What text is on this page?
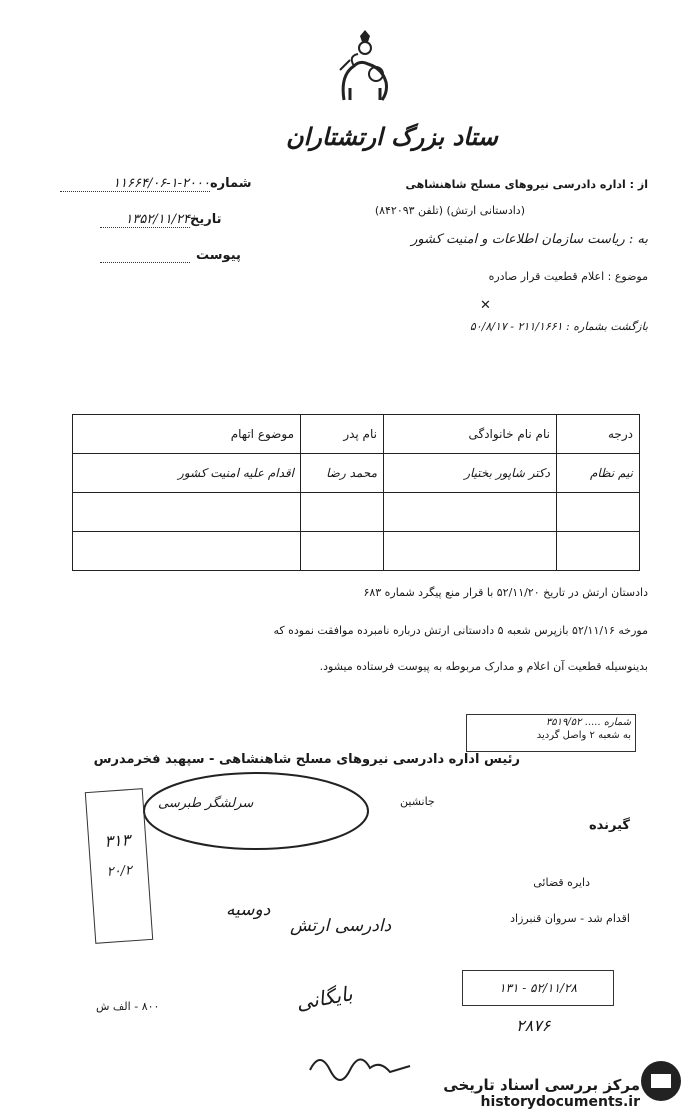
ستاد بزرگ ارتشتاران
شماره
۱۱۶۶۴/۰۶-۱-۲۰۰۰
تاریخ
۱۳۵۲/۱۱/۲۴
پیوست
از : اداره دادرسی نیروهای مسلح شاهنشاهی
(دادستانی ارتش) (تلفن ۸۴۲۰۹۳)
به : ریاست سازمان اطلاعات و امنیت کشور
موضوع : اعلام قطعیت قرار صادره
بازگشت بشماره : ۲۱۱/۱۶۶۱ - ۵۰/۸/۱۷
✕
درجه	نام نام خانوادگی	نام پدر	موضوع اتهام
نیم نظام	دکتر شاپور بختیار	محمد رضا	اقدام علیه امنیت کشور

دادستان ارتش در تاریخ ۵۲/۱۱/۲۰ با قرار منع پیگرد شماره ۶۸۳
مورخه ۵۲/۱۱/۱۶ بازپرس شعبه ۵ دادستانی ارتش درباره نامبرده موافقت نموده که
بدینوسیله قطعیت آن اعلام و مدارک مربوطه به پیوست فرستاده میشود.
شماره ..... ۳۵۱۹/۵۲
به شعبه ۲ واصل گردید
رئیس اداره دادرسی نیروهای مسلح شاهنشاهی - سپهبد فخرمدرس
جانشین
سرلشگر طبرسی
۳۱۳
۲۰/۲
گیرنده
دایره قضائی
اقدام شد - سروان قنبرزاد
دوسیه
دادرسی ارتش
بایگانی	۵۲/۱۱/۲۸ - ۱۳۱
۸۰۰ - الف ش
۲۸۷۶
مرکز بررسی اسناد تاریخی
historydocuments.ir
